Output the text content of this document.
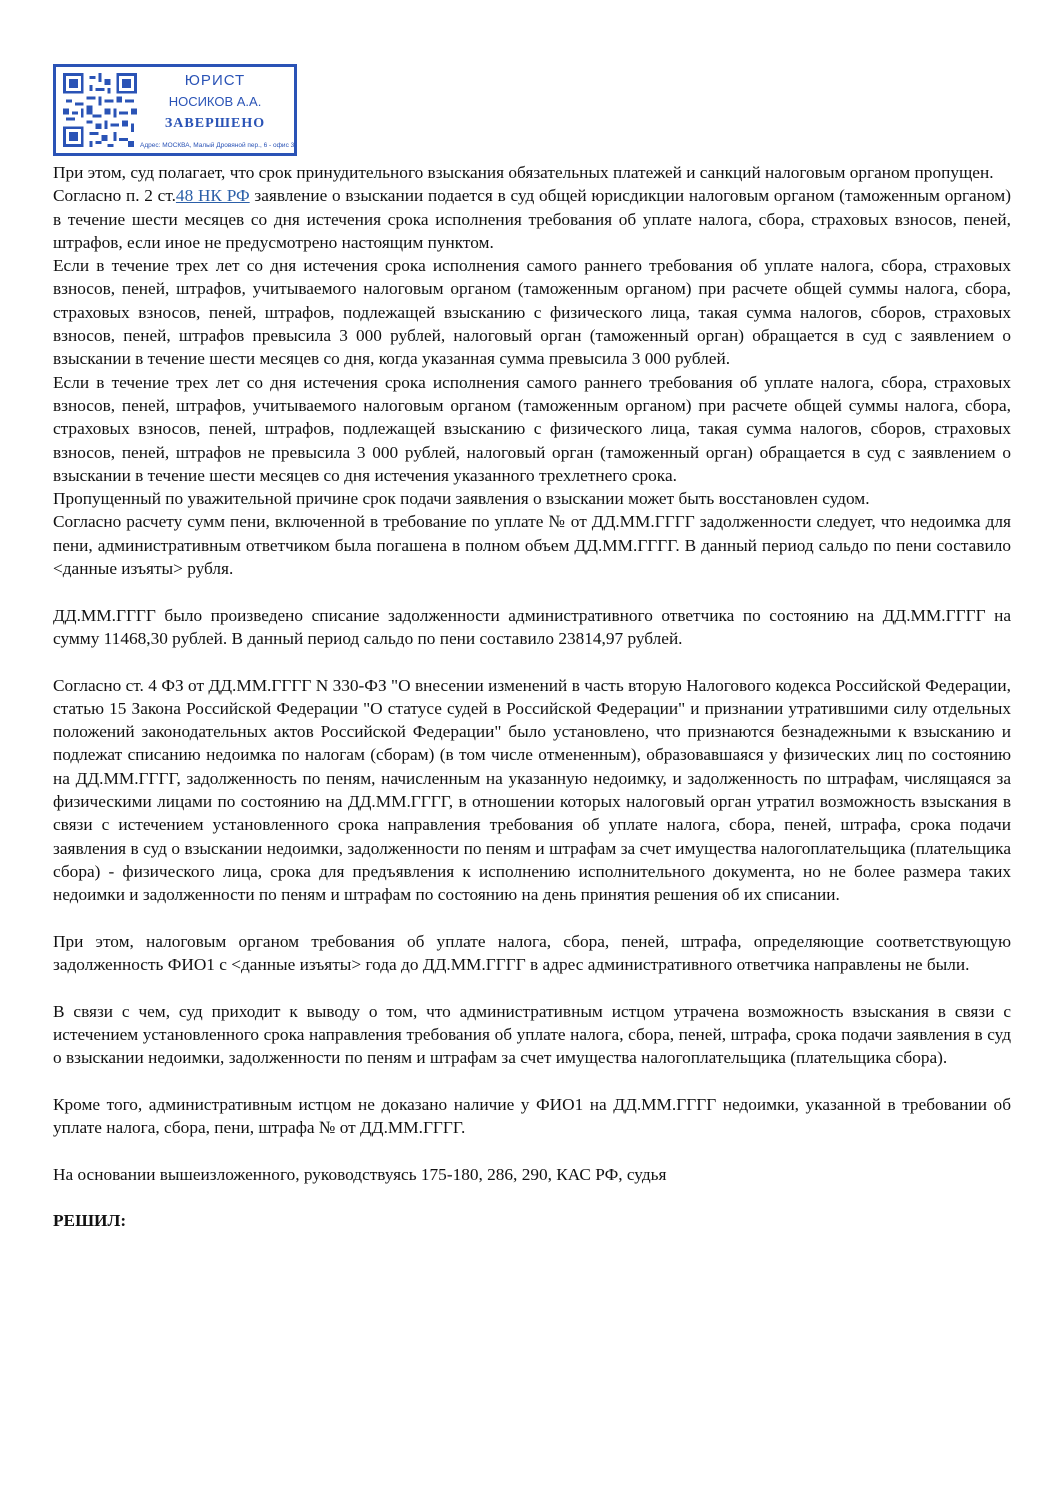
ЮРИСТ
НОСИКОВ А.А.
ЗАВЕРШЕНО
Адрес: МОСКВА, Малый Дровяной пер., 6 - офис 3

При этом, суд полагает, что срок принудительного взыскания обязательных платежей и санкций налоговым органом пропущен.

Согласно п. 2 ст.48 НК РФ заявление о взыскании подается в суд общей юрисдикции налоговым органом (таможенным органом) в течение шести месяцев со дня истечения срока исполнения требования об уплате налога, сбора, страховых взносов, пеней, штрафов, если иное не предусмотрено настоящим пунктом.

Если в течение трех лет со дня истечения срока исполнения самого раннего требования об уплате налога, сбора, страховых взносов, пеней, штрафов, учитываемого налоговым органом (таможенным органом) при расчете общей суммы налога, сбора, страховых взносов, пеней, штрафов, подлежащей взысканию с физического лица, такая сумма налогов, сборов, страховых взносов, пеней, штрафов превысила 3 000 рублей, налоговый орган (таможенный орган) обращается в суд с заявлением о взыскании в течение шести месяцев со дня, когда указанная сумма превысила 3 000 рублей.

Если в течение трех лет со дня истечения срока исполнения самого раннего требования об уплате налога, сбора, страховых взносов, пеней, штрафов, учитываемого налоговым органом (таможенным органом) при расчете общей суммы налога, сбора, страховых взносов, пеней, штрафов, подлежащей взысканию с физического лица, такая сумма налогов, сборов, страховых взносов, пеней, штрафов не превысила 3 000 рублей, налоговый орган (таможенный орган) обращается в суд с заявлением о взыскании в течение шести месяцев со дня истечения указанного трехлетнего срока.

Пропущенный по уважительной причине срок подачи заявления о взыскании может быть восстановлен судом.

Согласно расчету сумм пени, включенной в требование по уплате № от ДД.ММ.ГГГГ задолженности следует, что недоимка для пени, административным ответчиком была погашена в полном объем ДД.ММ.ГГГГ. В данный период сальдо по пени составило <данные изъяты> рубля.

ДД.ММ.ГГГГ было произведено списание задолженности административного ответчика по состоянию на ДД.ММ.ГГГГ на сумму 11468,30 рублей. В данный период сальдо по пени составило 23814,97 рублей.

Согласно ст. 4 ФЗ от ДД.ММ.ГГГГ N 330-ФЗ "О внесении изменений в часть вторую Налогового кодекса Российской Федерации, статью 15 Закона Российской Федерации "О статусе судей в Российской Федерации" и признании утратившими силу отдельных положений законодательных актов Российской Федерации" было установлено, что признаются безнадежными к взысканию и подлежат списанию недоимка по налогам (сборам) (в том числе отмененным), образовавшаяся у физических лиц по состоянию на ДД.ММ.ГГГГ, задолженность по пеням, начисленным на указанную недоимку, и задолженность по штрафам, числящаяся за физическими лицами по состоянию на ДД.ММ.ГГГГ, в отношении которых налоговый орган утратил возможность взыскания в связи с истечением установленного срока направления требования об уплате налога, сбора, пеней, штрафа, срока подачи заявления в суд о взыскании недоимки, задолженности по пеням и штрафам за счет имущества налогоплательщика (плательщика сбора) - физического лица, срока для предъявления к исполнению исполнительного документа, но не более размера таких недоимки и задолженности по пеням и штрафам по состоянию на день принятия решения об их списании.

При этом, налоговым органом требования об уплате налога, сбора, пеней, штрафа, определяющие соответствующую задолженность ФИО1 с <данные изъяты> года до ДД.ММ.ГГГГ в адрес административного ответчика направлены не были.

В связи с чем, суд приходит к выводу о том, что административным истцом утрачена возможность взыскания в связи с истечением установленного срока направления требования об уплате налога, сбора, пеней, штрафа, срока подачи заявления в суд о взыскании недоимки, задолженности по пеням и штрафам за счет имущества налогоплательщика (плательщика сбора).

Кроме того, административным истцом не доказано наличие у ФИО1 на ДД.ММ.ГГГГ недоимки, указанной в требовании об уплате налога, сбора, пени, штрафа № от ДД.ММ.ГГГГ.

На основании вышеизложенного, руководствуясь 175-180, 286, 290, КАС РФ, судья

РЕШИЛ:
